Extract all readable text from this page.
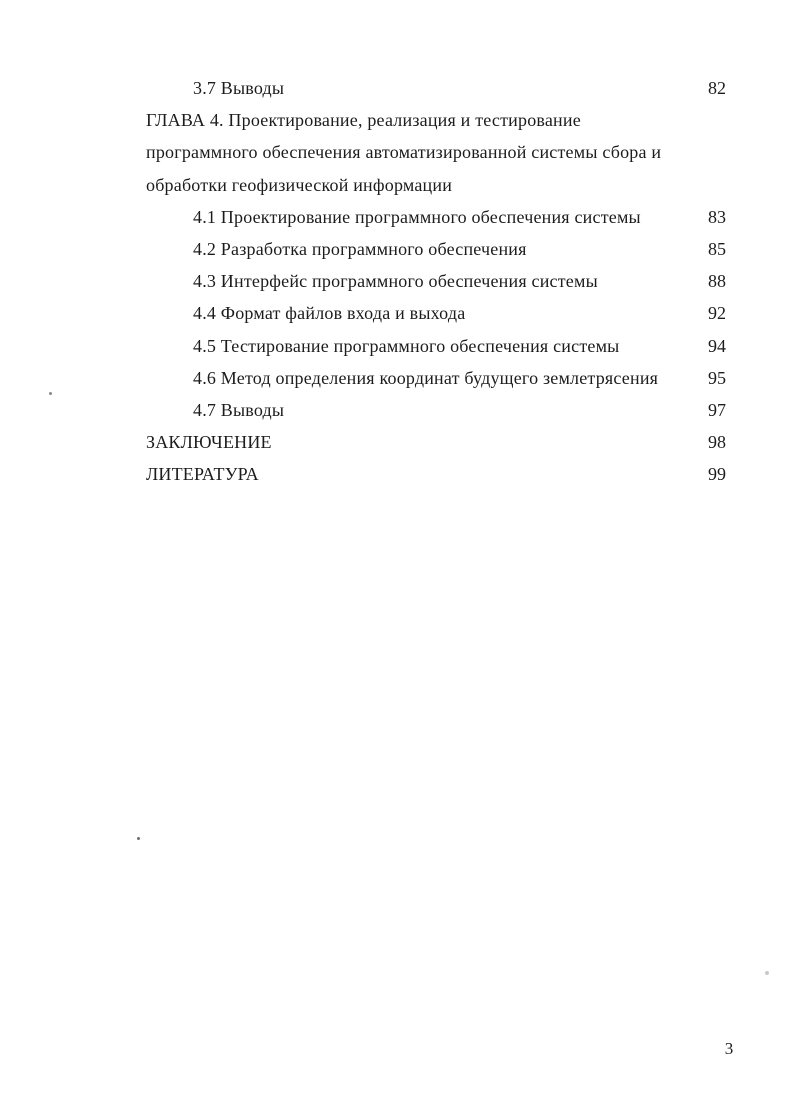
3.7 Выводы	82
ГЛАВА 4. Проектирование, реализация и тестирование
программного обеспечения автоматизированной системы сбора и
обработки геофизической информации
4.1 Проектирование программного обеспечения системы	83
4.2 Разработка программного обеспечения	85
4.3 Интерфейс программного обеспечения системы	88
4.4 Формат файлов входа и выхода	92
4.5 Тестирование программного обеспечения системы	94
4.6 Метод определения координат будущего землетрясения	95
4.7 Выводы	97
ЗАКЛЮЧЕНИЕ	98
ЛИТЕРАТУРА	99
3
